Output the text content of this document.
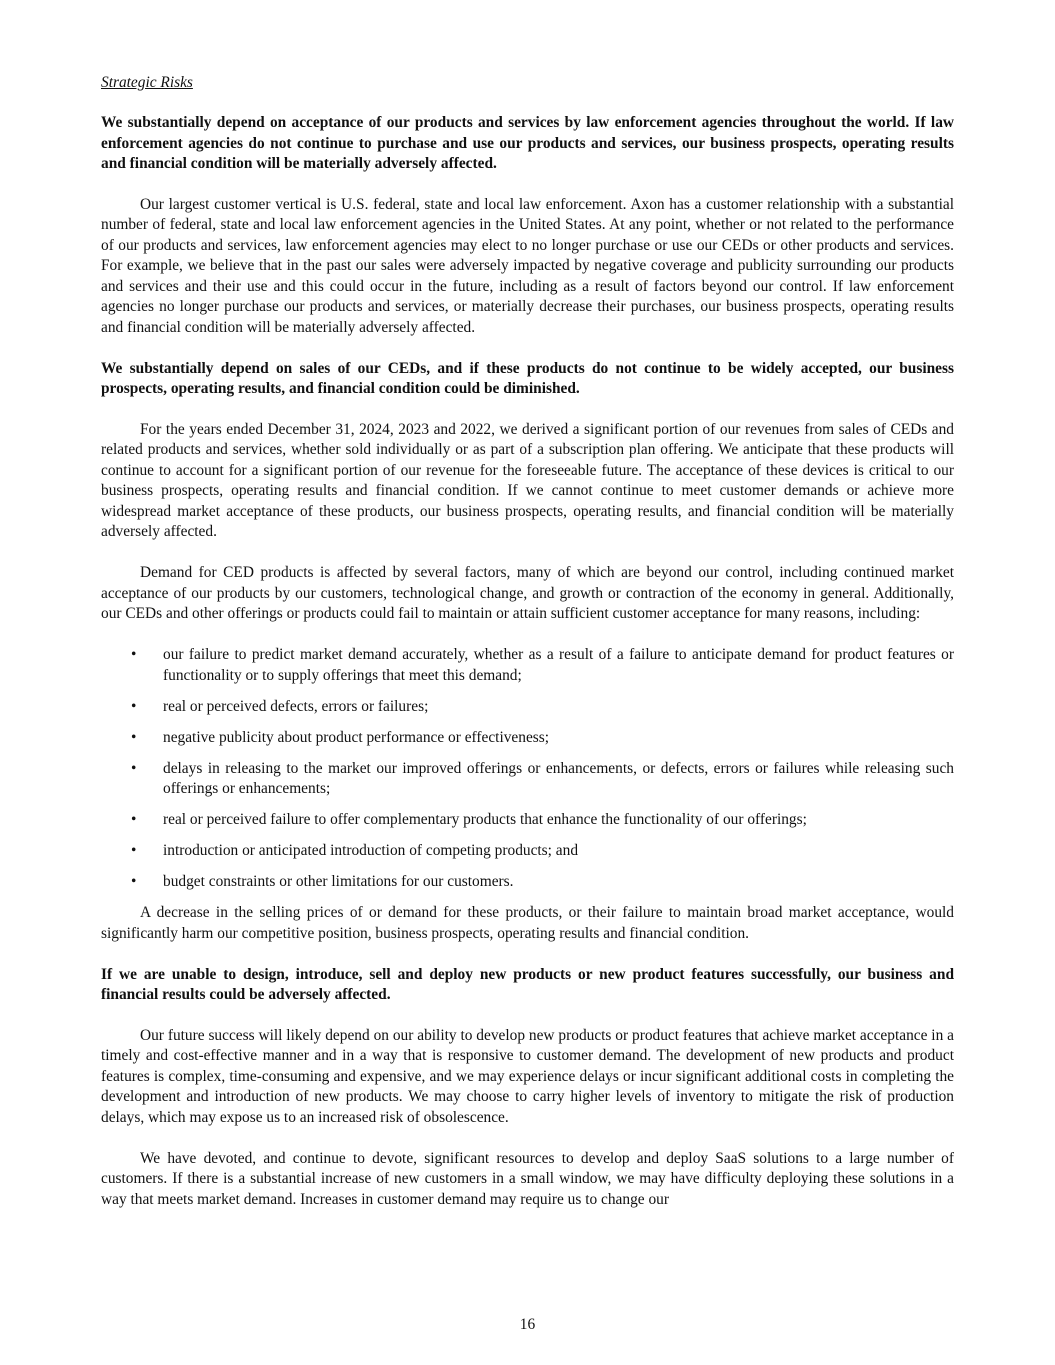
Strategic Risks
We substantially depend on acceptance of our products and services by law enforcement agencies throughout the world. If law enforcement agencies do not continue to purchase and use our products and services, our business prospects, operating results and financial condition will be materially adversely affected.

Our largest customer vertical is U.S. federal, state and local law enforcement. Axon has a customer relationship with a substantial number of federal, state and local law enforcement agencies in the United States. At any point, whether or not related to the performance of our products and services, law enforcement agencies may elect to no longer purchase or use our CEDs or other products and services. For example, we believe that in the past our sales were adversely impacted by negative coverage and publicity surrounding our products and services and their use and this could occur in the future, including as a result of factors beyond our control. If law enforcement agencies no longer purchase our products and services, or materially decrease their purchases, our business prospects, operating results and financial condition will be materially adversely affected.

We substantially depend on sales of our CEDs, and if these products do not continue to be widely accepted, our business prospects, operating results, and financial condition could be diminished.

For the years ended December 31, 2024, 2023 and 2022, we derived a significant portion of our revenues from sales of CEDs and related products and services, whether sold individually or as part of a subscription plan offering. We anticipate that these products will continue to account for a significant portion of our revenue for the foreseeable future. The acceptance of these devices is critical to our business prospects, operating results and financial condition. If we cannot continue to meet customer demands or achieve more widespread market acceptance of these products, our business prospects, operating results, and financial condition will be materially adversely affected.

Demand for CED products is affected by several factors, many of which are beyond our control, including continued market acceptance of our products by our customers, technological change, and growth or contraction of the economy in general. Additionally, our CEDs and other offerings or products could fail to maintain or attain sufficient customer acceptance for many reasons, including:

• our failure to predict market demand accurately, whether as a result of a failure to anticipate demand for product features or functionality or to supply offerings that meet this demand;
• real or perceived defects, errors or failures;
• negative publicity about product performance or effectiveness;
• delays in releasing to the market our improved offerings or enhancements, or defects, errors or failures while releasing such offerings or enhancements;
• real or perceived failure to offer complementary products that enhance the functionality of our offerings;
• introduction or anticipated introduction of competing products; and
• budget constraints or other limitations for our customers.

A decrease in the selling prices of or demand for these products, or their failure to maintain broad market acceptance, would significantly harm our competitive position, business prospects, operating results and financial condition.

If we are unable to design, introduce, sell and deploy new products or new product features successfully, our business and financial results could be adversely affected.

Our future success will likely depend on our ability to develop new products or product features that achieve market acceptance in a timely and cost-effective manner and in a way that is responsive to customer demand. The development of new products and product features is complex, time-consuming and expensive, and we may experience delays or incur significant additional costs in completing the development and introduction of new products. We may choose to carry higher levels of inventory to mitigate the risk of production delays, which may expose us to an increased risk of obsolescence.

We have devoted, and continue to devote, significant resources to develop and deploy SaaS solutions to a large number of customers. If there is a substantial increase of new customers in a small window, we may have difficulty deploying these solutions in a way that meets market demand. Increases in customer demand may require us to change our

16
